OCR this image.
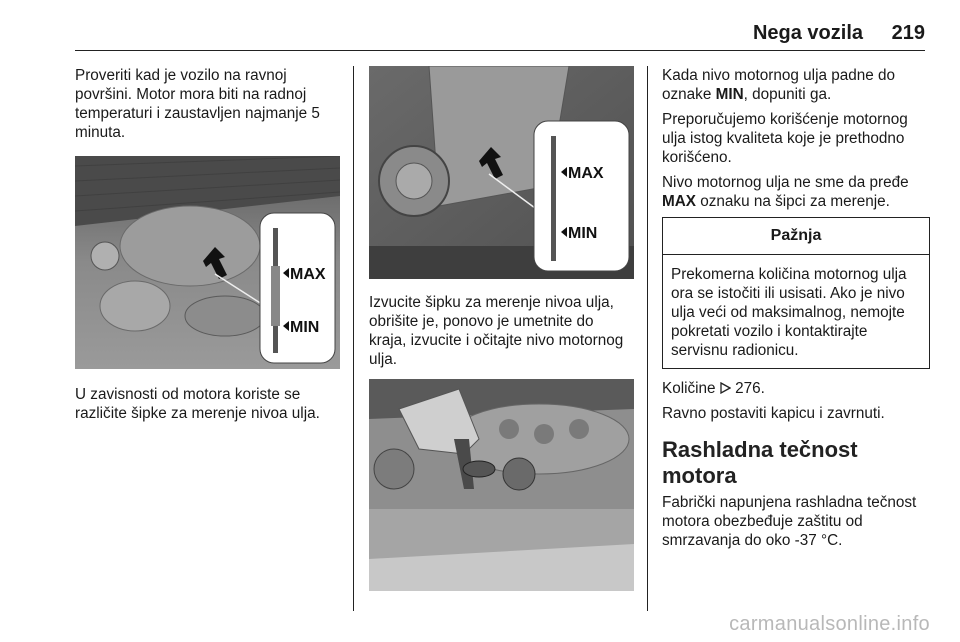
Nega vozila 219

Proveriti kad je vozilo na ravnoj površini. Motor mora biti na radnoj temperaturi i zaustavljen najmanje 5 minuta.

MAX
MIN

U zavisnosti od motora koriste se različite šipke za merenje nivoa ulja.

MAX
MIN

Izvucite šipku za merenje nivoa ulja, obrišite je, ponovo je umetnite do kraja, izvucite i očitajte nivo motornog ulja.

Kada nivo motornog ulja padne do oznake MIN, dopuniti ga.

Preporučujemo korišćenje motornog ulja istog kvaliteta koje je prethodno korišćeno.

Nivo motornog ulja ne sme da pređe MAX oznaku na šipci za merenje.

Pažnja
Prekomerna količina motornog ulja ora se istočiti ili usisati. Ako je nivo ulja veći od maksimalnog, nemojte pokretati vozilo i kontaktirajte servisnu radionicu.

Količine 276.

Ravno postaviti kapicu i zavrnuti.

Rashladna tečnost motora

Fabrički napunjena rashladna tečnost motora obezbeđuje zaštitu od smrzavanja do oko -37 °C.

carmanualsonline.info
